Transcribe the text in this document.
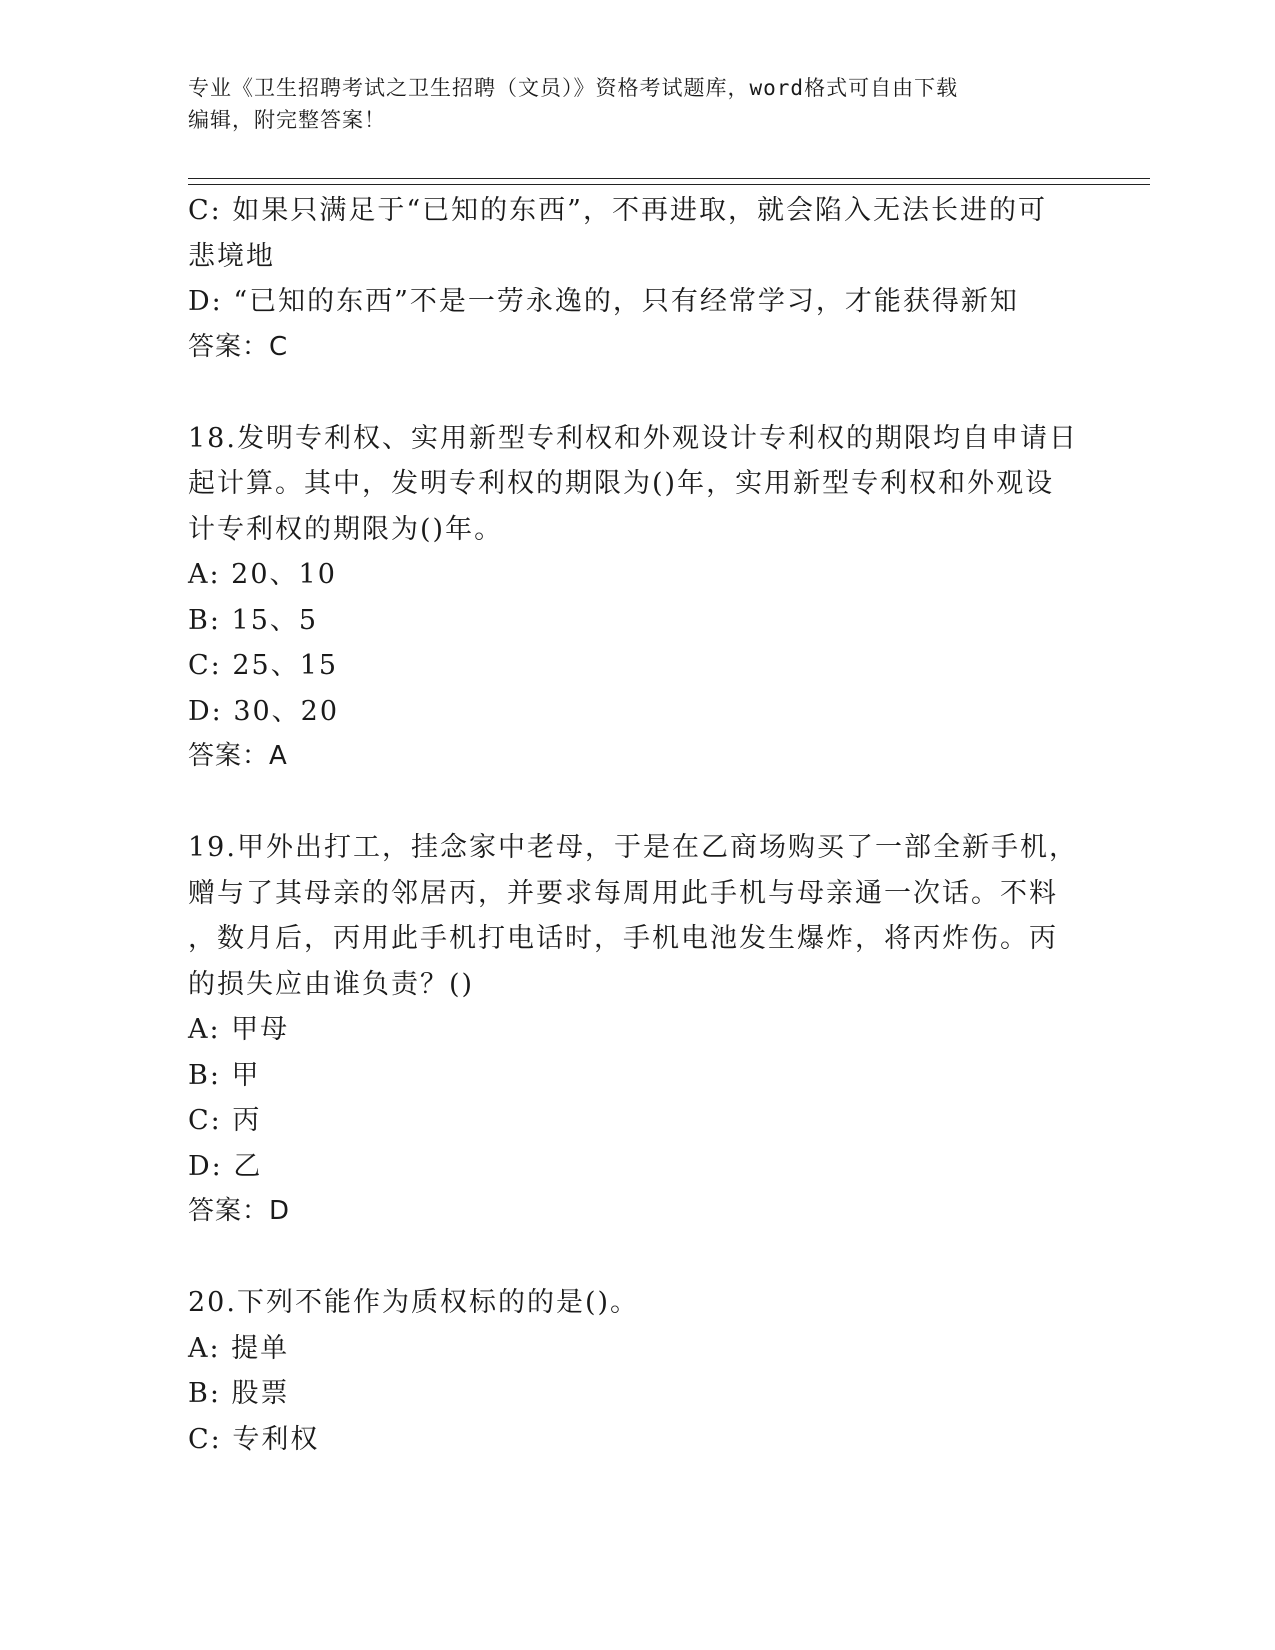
专业《卫生招聘考试之卫生招聘（文员）》资格考试题库，word格式可自由下载
编辑，附完整答案！
C: 如果只满足于“已知的东西”，不再进取，就会陷入无法长进的可
悲境地
D: “已知的东西”不是一劳永逸的，只有经常学习，才能获得新知
答案：C
18.发明专利权、实用新型专利权和外观设计专利权的期限均自申请日
起计算。其中，发明专利权的期限为()年，实用新型专利权和外观设
计专利权的期限为()年。
A: 20、10
B: 15、5
C: 25、15
D: 30、20
答案：A
19.甲外出打工，挂念家中老母，于是在乙商场购买了一部全新手机，
赠与了其母亲的邻居丙，并要求每周用此手机与母亲通一次话。不料
，数月后，丙用此手机打电话时，手机电池发生爆炸，将丙炸伤。丙
的损失应由谁负责？()
A: 甲母
B: 甲
C: 丙
D: 乙
答案：D
20.下列不能作为质权标的的是()。
A: 提单
B: 股票
C: 专利权
